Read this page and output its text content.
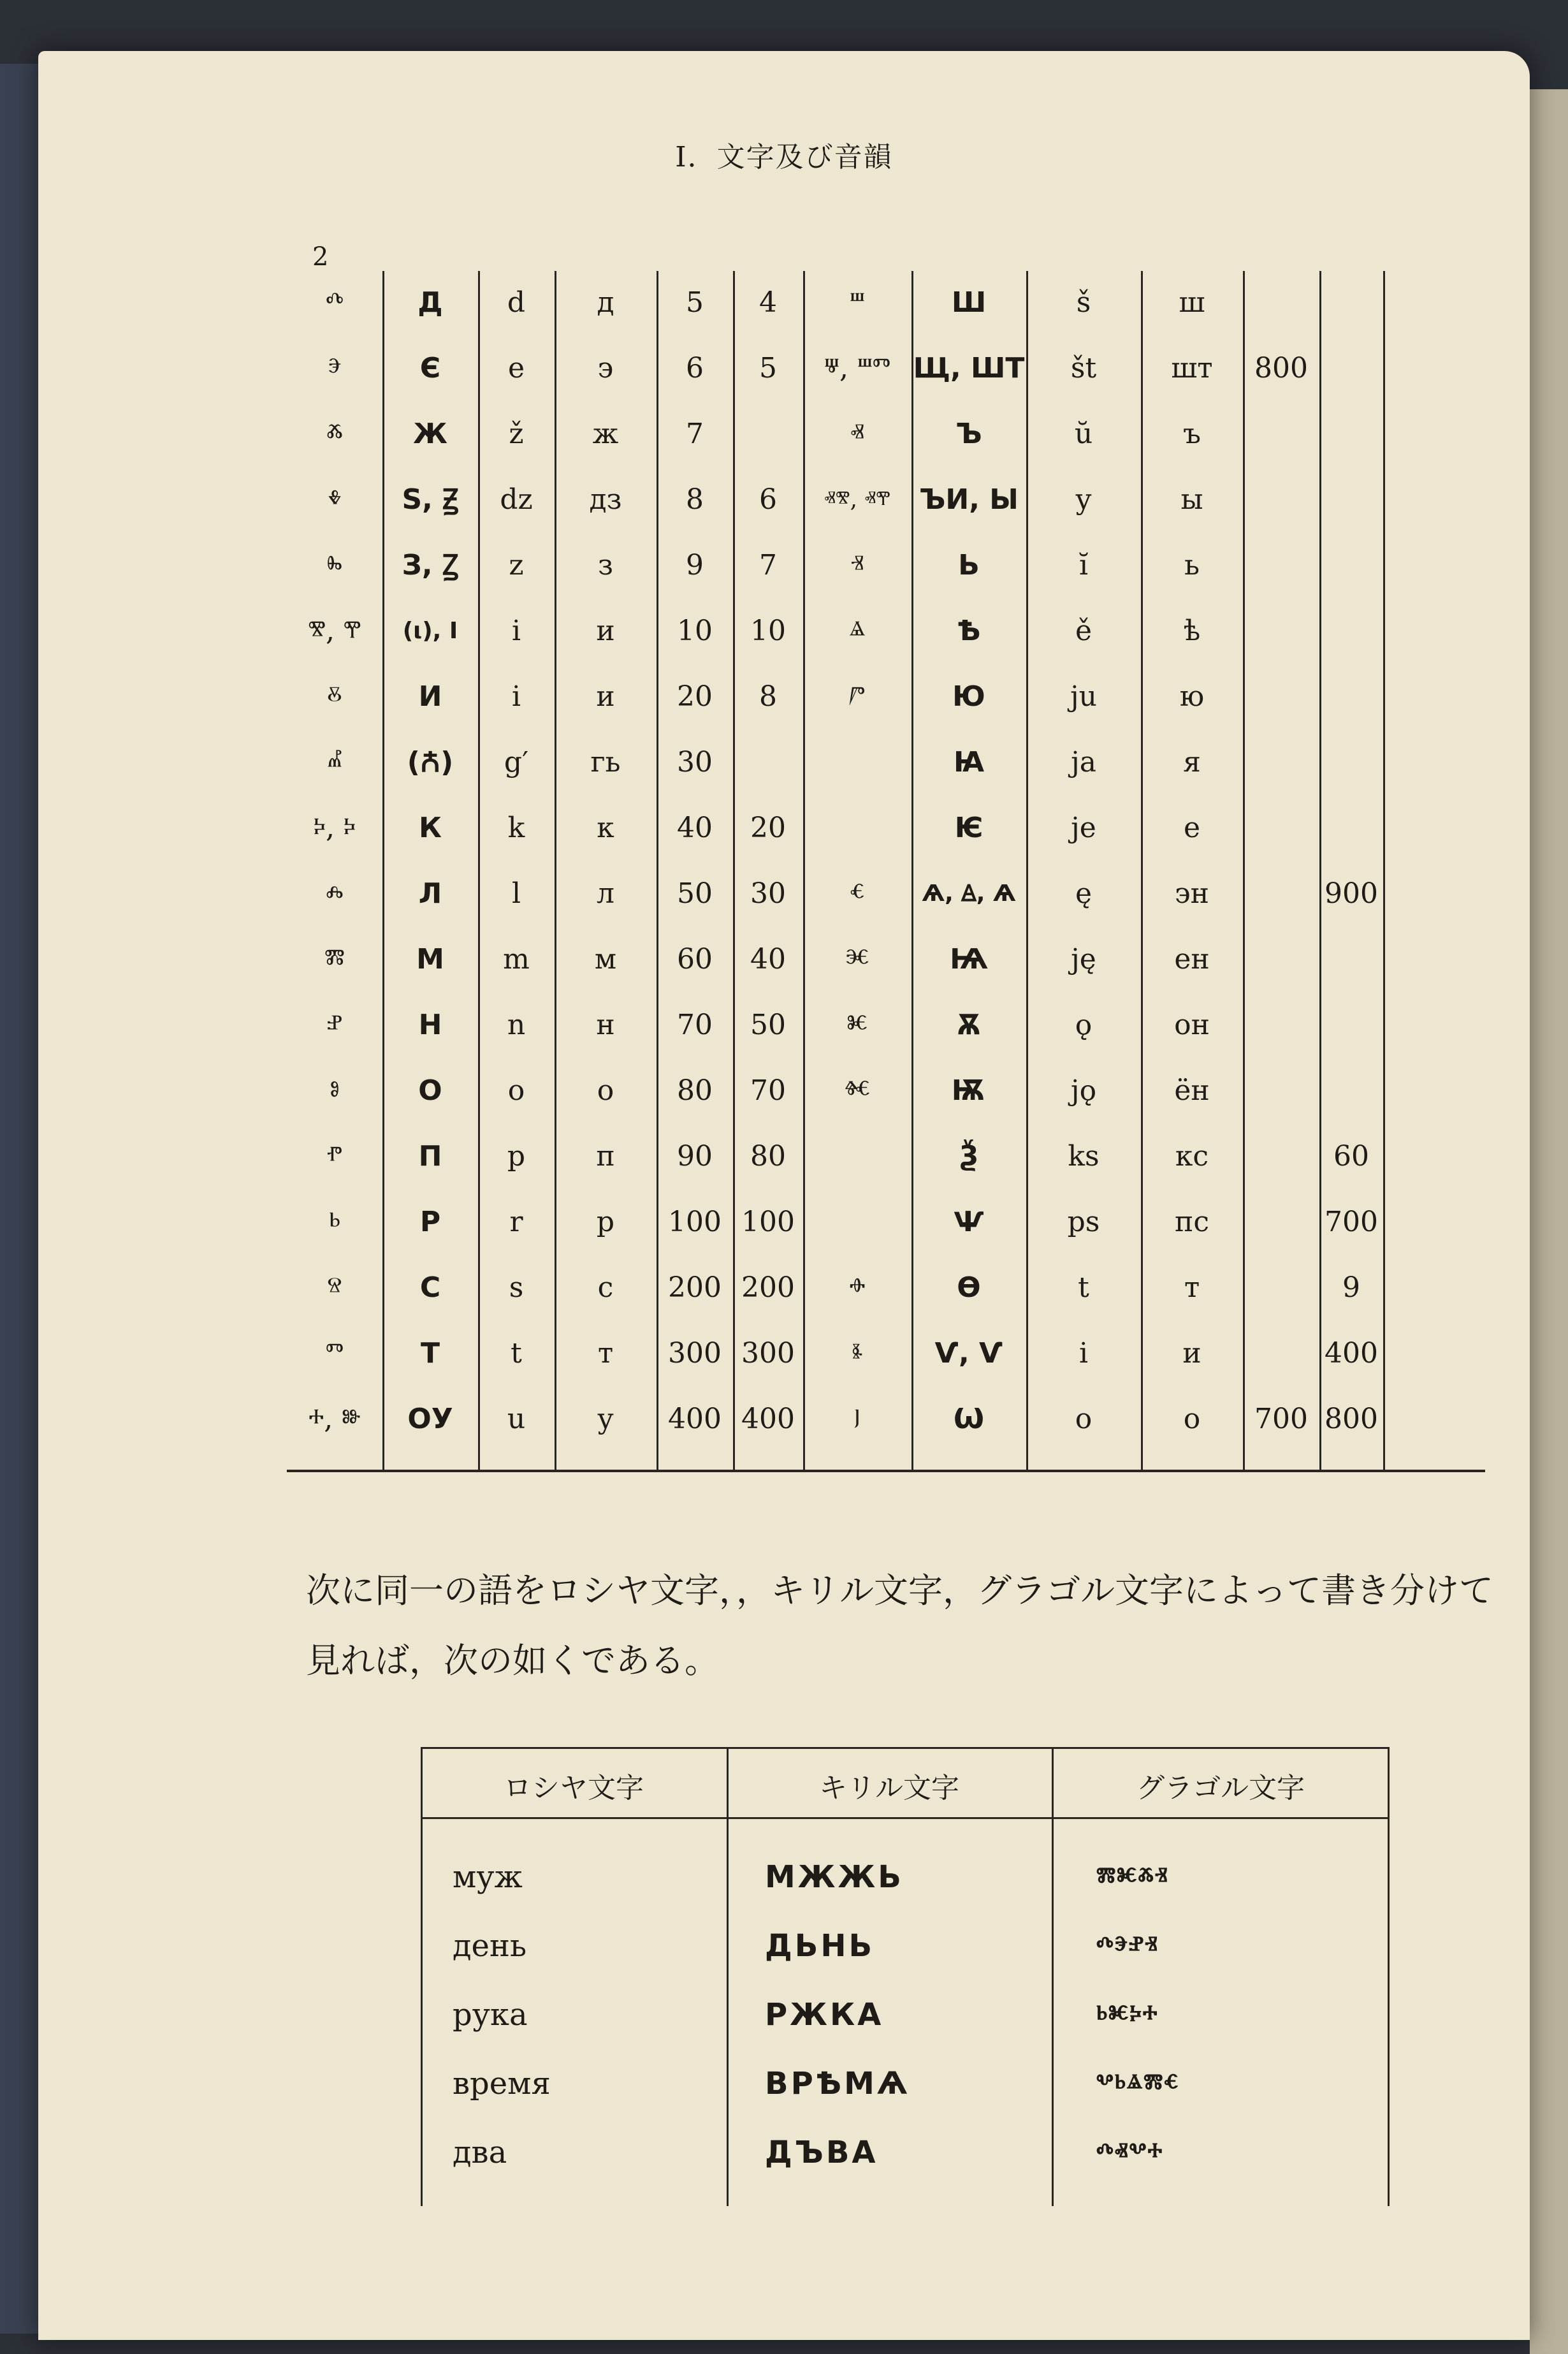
I．文字及び音韻
2
ⰴ
ⰵ
ⰶ
ⰷ
ⰸ
ⰺ, ⰹ
ⰻ
ⰼ
ⰽ, ⰽ
ⰾ
ⰿ
ⱀ
ⱁ
ⱂ
ⱃ
ⱄ
ⱅ
ⰰ, ⱆ
Д
Є
Ж
Ѕ, Ꙃ
З, Ꙁ
(ι), І
И
(Ꙉ)
К
Л
М
Н
О
П
Р
С
Т
ОУ
d
e
ž
dz
z
i
i
g′
k
l
m
n
o
p
r
s
t
u
д
э
ж
дз
з
и
и
гь
к
л
м
н
о
п
р
с
т
у
5
6
7
8
9
10
20
30
40
50
60
70
80
90
100
200
300
400
4
5
6
7
10
8
20
30
40
50
70
80
100
200
300
400
ⱎ
ⱋ, ⱎⱅ
ⱏ
ⱏⰺ, ⱏⰹ
ⱐ
ⱑ
ⱓ
ⱔ
ⱗ
ⱘ
ⱙ
ⱚ
ⱛ
ⱜ
Ш
Щ, ШТ
Ъ
ЪИ, Ы
Ь
Ѣ
Ю
Ꙗ
Ѥ
Ѧ, Ꙙ, Ѧ
Ѩ
Ѫ
Ѭ
Ѯ
Ѱ
Ѳ
Ѵ, Ѵ
Ѡ
š
št
ŭ
y
ĭ
ě
ju
ja
je
ę
ję
ǫ
jǫ
ks
ps
t
i
o
ш
шт
ъ
ы
ь
ѣ
ю
я
е
эн
ен
он
ён
кс
пс
т
и
о
800
700
900
60
700
9
400
800
次に同一の語をロシヤ文字，，キリル文字，グラゴル文字によって書き分けて見れば，次の如くである。
ロシヤ文字	キリル文字	グラゴル文字
муж
день
рука
время
два
МЖЖЬ
ДЬНЬ
РЖКА
ВРѢМѦ
ДЪВА
ⰿⱘⰶⱐ
ⰴⰵⱀⱐ
ⱃⱘⰽⰰ
ⰲⱃⱑⰿⱔ
ⰴⱏⰲⰰ
